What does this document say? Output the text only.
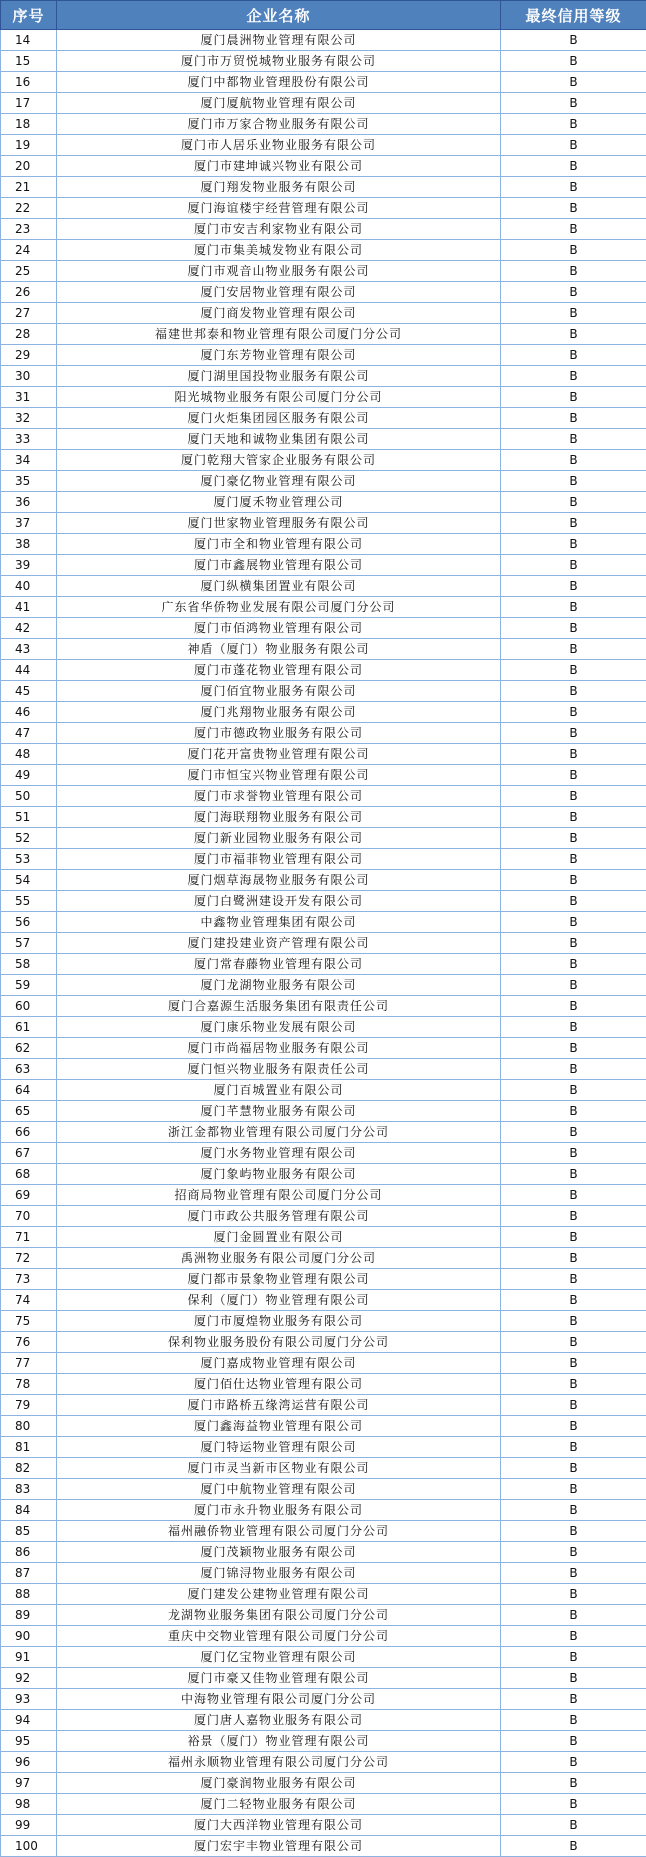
序号	企业名称	最终信用等级
14	厦门晨洲物业管理有限公司	B
15	厦门市万贸悦城物业服务有限公司	B
16	厦门中都物业管理股份有限公司	B
17	厦门厦航物业管理有限公司	B
18	厦门市万家合物业服务有限公司	B
19	厦门市人居乐业物业服务有限公司	B
20	厦门市建坤诚兴物业有限公司	B
21	厦门翔发物业服务有限公司	B
22	厦门海谊楼宇经营管理有限公司	B
23	厦门市安吉利家物业有限公司	B
24	厦门市集美城发物业有限公司	B
25	厦门市观音山物业服务有限公司	B
26	厦门安居物业管理有限公司	B
27	厦门商发物业管理有限公司	B
28	福建世邦泰和物业管理有限公司厦门分公司	B
29	厦门东芳物业管理有限公司	B
30	厦门湖里国投物业服务有限公司	B
31	阳光城物业服务有限公司厦门分公司	B
32	厦门火炬集团园区服务有限公司	B
33	厦门天地和诚物业集团有限公司	B
34	厦门乾翔大管家企业服务有限公司	B
35	厦门豪亿物业管理有限公司	B
36	厦门厦禾物业管理公司	B
37	厦门世家物业管理服务有限公司	B
38	厦门市全和物业管理有限公司	B
39	厦门市鑫展物业管理有限公司	B
40	厦门纵横集团置业有限公司	B
41	广东省华侨物业发展有限公司厦门分公司	B
42	厦门市佰鸿物业管理有限公司	B
43	神盾（厦门）物业服务有限公司	B
44	厦门市蓬花物业管理有限公司	B
45	厦门佰宜物业服务有限公司	B
46	厦门兆翔物业服务有限公司	B
47	厦门市德政物业服务有限公司	B
48	厦门花开富贵物业管理有限公司	B
49	厦门市恒宝兴物业管理有限公司	B
50	厦门市求誉物业管理有限公司	B
51	厦门海联翔物业服务有限公司	B
52	厦门新业园物业服务有限公司	B
53	厦门市福菲物业管理有限公司	B
54	厦门烟草海晟物业服务有限公司	B
55	厦门白鹭洲建设开发有限公司	B
56	中鑫物业管理集团有限公司	B
57	厦门建投建业资产管理有限公司	B
58	厦门常春藤物业管理有限公司	B
59	厦门龙湖物业服务有限公司	B
60	厦门合嘉源生活服务集团有限责任公司	B
61	厦门康乐物业发展有限公司	B
62	厦门市尚福居物业服务有限公司	B
63	厦门恒兴物业服务有限责任公司	B
64	厦门百城置业有限公司	B
65	厦门芊慧物业服务有限公司	B
66	浙江金都物业管理有限公司厦门分公司	B
67	厦门水务物业管理有限公司	B
68	厦门象屿物业服务有限公司	B
69	招商局物业管理有限公司厦门分公司	B
70	厦门市政公共服务管理有限公司	B
71	厦门金圆置业有限公司	B
72	禹洲物业服务有限公司厦门分公司	B
73	厦门都市景象物业管理有限公司	B
74	保利（厦门）物业管理有限公司	B
75	厦门市厦煌物业服务有限公司	B
76	保利物业服务股份有限公司厦门分公司	B
77	厦门嘉成物业管理有限公司	B
78	厦门佰仕达物业管理有限公司	B
79	厦门市路桥五缘湾运营有限公司	B
80	厦门鑫海益物业管理有限公司	B
81	厦门特运物业管理有限公司	B
82	厦门市灵当新市区物业有限公司	B
83	厦门中航物业管理有限公司	B
84	厦门市永升物业服务有限公司	B
85	福州融侨物业管理有限公司厦门分公司	B
86	厦门茂颖物业服务有限公司	B
87	厦门锦浔物业服务有限公司	B
88	厦门建发公建物业管理有限公司	B
89	龙湖物业服务集团有限公司厦门分公司	B
90	重庆中交物业管理有限公司厦门分公司	B
91	厦门亿宝物业管理有限公司	B
92	厦门市豪又佳物业管理有限公司	B
93	中海物业管理有限公司厦门分公司	B
94	厦门唐人嘉物业服务有限公司	B
95	裕景（厦门）物业管理有限公司	B
96	福州永顺物业管理有限公司厦门分公司	B
97	厦门豪润物业服务有限公司	B
98	厦门二轻物业服务有限公司	B
99	厦门大西洋物业管理有限公司	B
100	厦门宏宇丰物业管理有限公司	B
